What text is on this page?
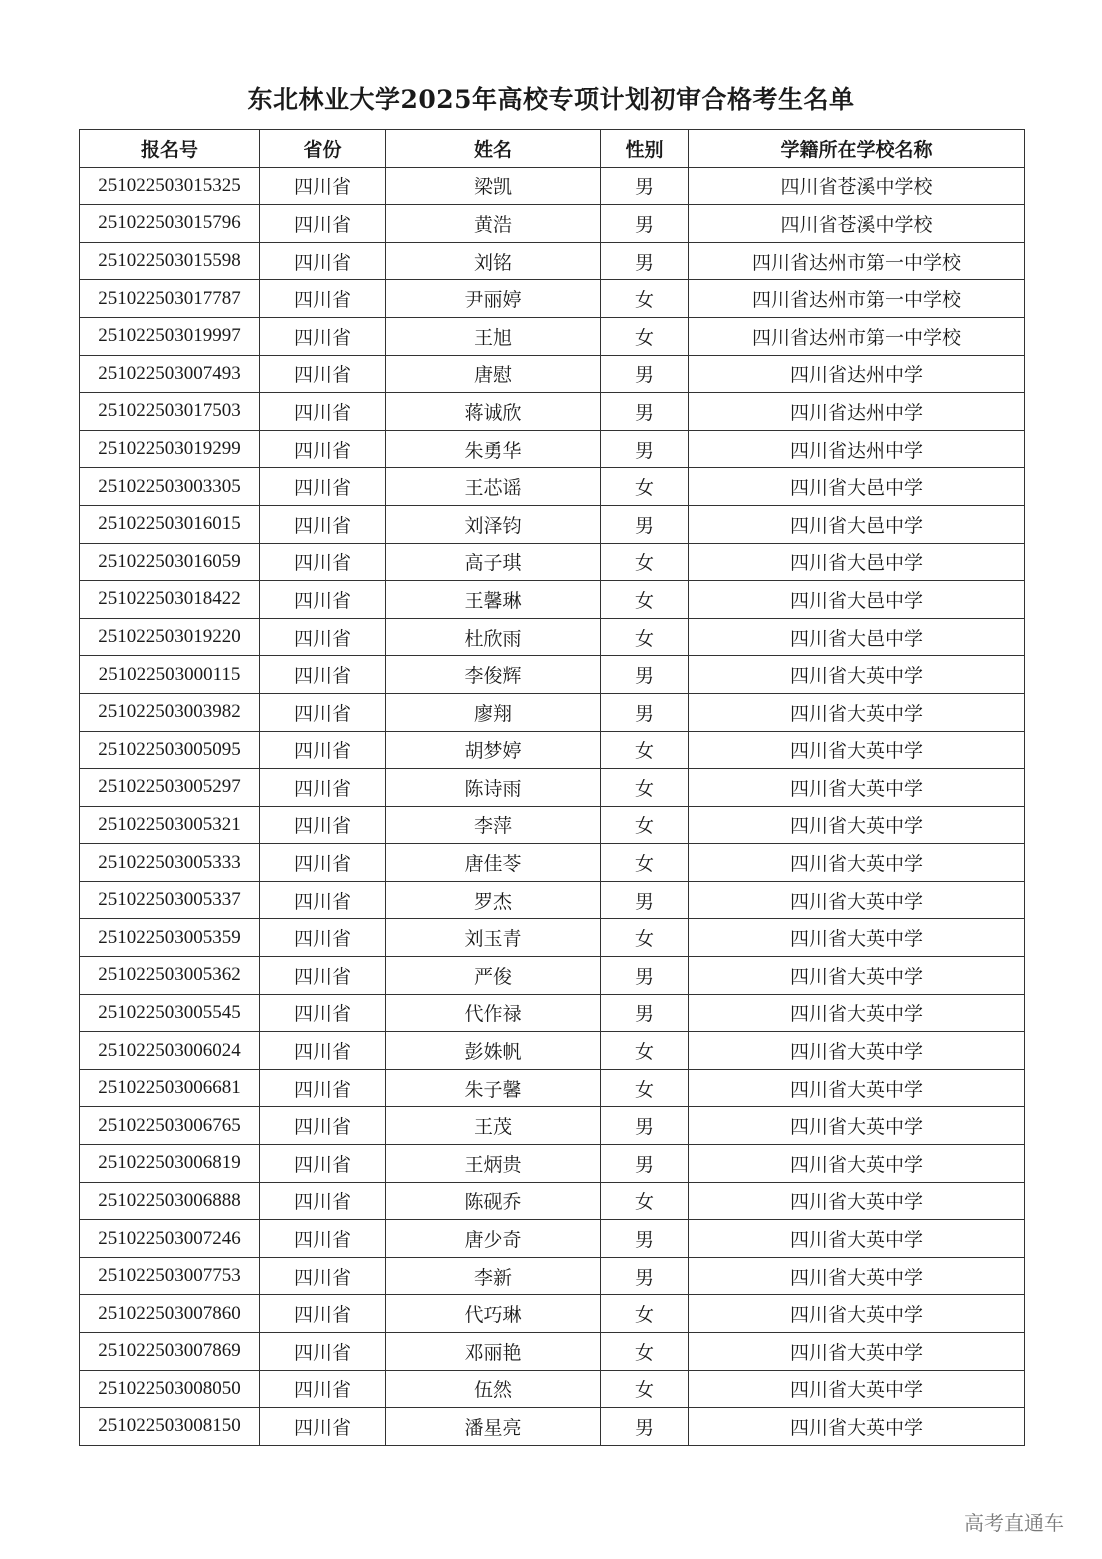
东北林业大学2025年高校专项计划初审合格考生名单
报名号	省份	姓名	性别	学籍所在学校名称
251022503015325	四川省	梁凯	男	四川省苍溪中学校
251022503015796	四川省	黄浩	男	四川省苍溪中学校
251022503015598	四川省	刘铭	男	四川省达州市第一中学校
251022503017787	四川省	尹丽婷	女	四川省达州市第一中学校
251022503019997	四川省	王旭	女	四川省达州市第一中学校
251022503007493	四川省	唐慰	男	四川省达州中学
251022503017503	四川省	蒋诚欣	男	四川省达州中学
251022503019299	四川省	朱勇华	男	四川省达州中学
251022503003305	四川省	王芯谣	女	四川省大邑中学
251022503016015	四川省	刘泽钧	男	四川省大邑中学
251022503016059	四川省	高子琪	女	四川省大邑中学
251022503018422	四川省	王馨琳	女	四川省大邑中学
251022503019220	四川省	杜欣雨	女	四川省大邑中学
251022503000115	四川省	李俊辉	男	四川省大英中学
251022503003982	四川省	廖翔	男	四川省大英中学
251022503005095	四川省	胡梦婷	女	四川省大英中学
251022503005297	四川省	陈诗雨	女	四川省大英中学
251022503005321	四川省	李萍	女	四川省大英中学
251022503005333	四川省	唐佳苓	女	四川省大英中学
251022503005337	四川省	罗杰	男	四川省大英中学
251022503005359	四川省	刘玉青	女	四川省大英中学
251022503005362	四川省	严俊	男	四川省大英中学
251022503005545	四川省	代作禄	男	四川省大英中学
251022503006024	四川省	彭姝帆	女	四川省大英中学
251022503006681	四川省	朱子馨	女	四川省大英中学
251022503006765	四川省	王茂	男	四川省大英中学
251022503006819	四川省	王炳贵	男	四川省大英中学
251022503006888	四川省	陈砚乔	女	四川省大英中学
251022503007246	四川省	唐少奇	男	四川省大英中学
251022503007753	四川省	李新	男	四川省大英中学
251022503007860	四川省	代巧琳	女	四川省大英中学
251022503007869	四川省	邓丽艳	女	四川省大英中学
251022503008050	四川省	伍然	女	四川省大英中学
251022503008150	四川省	潘星亮	男	四川省大英中学
高考直通车
